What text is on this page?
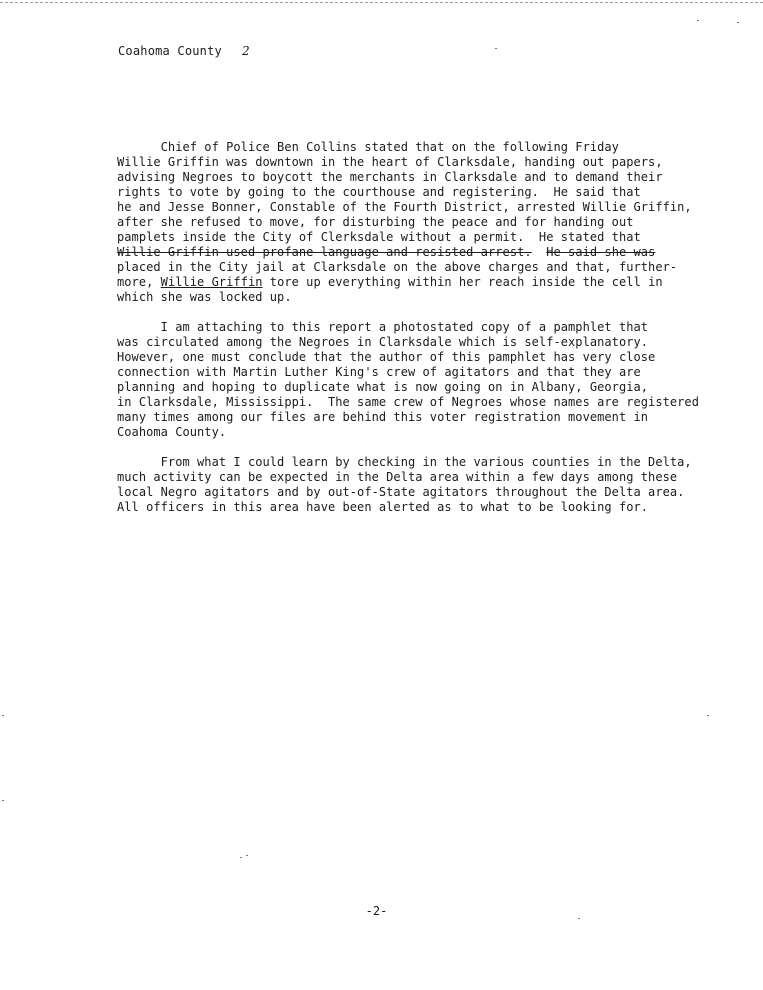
Coahoma County 2
Chief of Police Ben Collins stated that on the following Friday
Willie Griffin was downtown in the heart of Clarksdale, handing out papers,
advising Negroes to boycott the merchants in Clarksdale and to demand their
rights to vote by going to the courthouse and registering.  He said that
he and Jesse Bonner, Constable of the Fourth District, arrested Willie Griffin,
after she refused to move, for disturbing the peace and for handing out
pamplets inside the City of Clerksdale without a permit.  He stated that
Willie Griffin used profane language and resisted arrest. He said she was
placed in the City jail at Clarksdale on the above charges and that, further-
more, Willie Griffin tore up everything within her reach inside the cell in
which she was locked up.
I am attaching to this report a photostated copy of a pamphlet that
was circulated among the Negroes in Clarksdale which is self-explanatory.
However, one must conclude that the author of this pamphlet has very close
connection with Martin Luther King's crew of agitators and that they are
planning and hoping to duplicate what is now going on in Albany, Georgia,
in Clarksdale, Mississippi.  The same crew of Negroes whose names are registered
many times among our files are behind this voter registration movement in
Coahoma County.
From what I could learn by checking in the various counties in the Delta,
much activity can be expected in the Delta area within a few days among these
local Negro agitators and by out-of-State agitators throughout the Delta area.
All officers in this area have been alerted as to what to be looking for.
-2-
